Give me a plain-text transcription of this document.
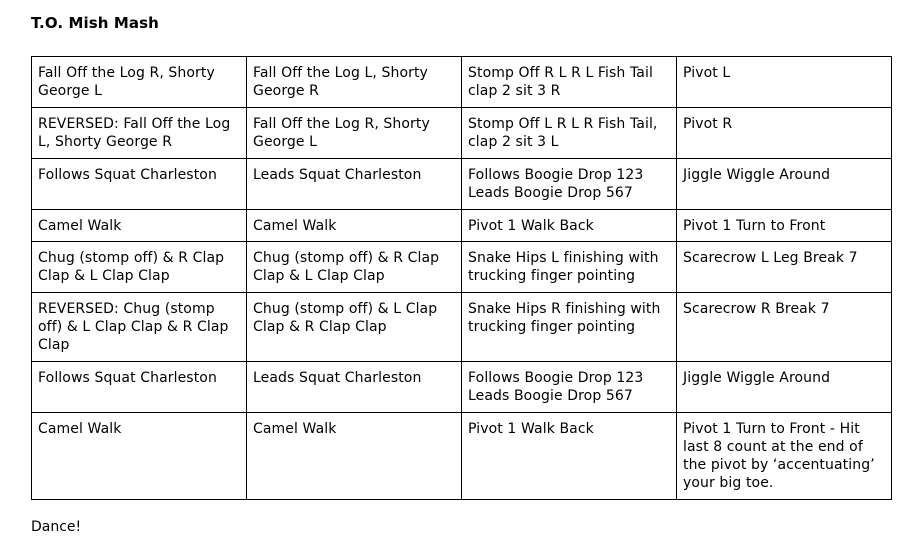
T.O. Mish Mash
Fall Off the Log R, Shorty George L	Fall Off the Log L, Shorty George R	Stomp Off R L R L Fish Tail clap 2 sit 3 R	Pivot L
REVERSED: Fall Off the Log L, Shorty George R	Fall Off the Log R, Shorty George L	Stomp Off L R L R Fish Tail, clap 2 sit 3 L	Pivot R
Follows Squat Charleston	Leads Squat Charleston	Follows Boogie Drop 123 Leads Boogie Drop 567	Jiggle Wiggle Around
Camel Walk	Camel Walk	Pivot 1 Walk Back	Pivot 1 Turn to Front
Chug (stomp off) & R Clap Clap & L Clap Clap	Chug (stomp off) & R Clap Clap & L Clap Clap	Snake Hips L finishing with trucking finger pointing	Scarecrow L Leg Break 7
REVERSED: Chug (stomp off) & L Clap Clap & R Clap Clap	Chug (stomp off) & L Clap Clap & R Clap Clap	Snake Hips R finishing with trucking finger pointing	Scarecrow R Break 7
Follows Squat Charleston	Leads Squat Charleston	Follows Boogie Drop 123 Leads Boogie Drop 567	Jiggle Wiggle Around
Camel Walk	Camel Walk	Pivot 1 Walk Back	Pivot 1 Turn to Front - Hit last 8 count at the end of the pivot by ‘accentuating’ your big toe.
Dance!
